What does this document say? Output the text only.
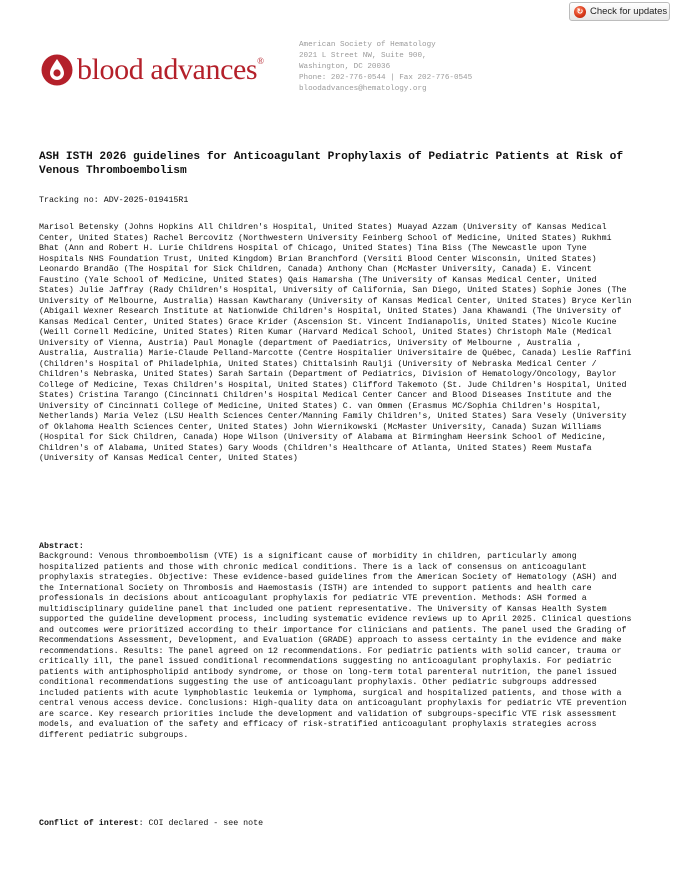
↻ Check for updates
blood advances®
American Society of Hematology
2021 L Street NW, Suite 900,
Washington, DC 20036
Phone: 202-776-0544 | Fax 202-776-0545
bloodadvances@hematology.org
ASH ISTH 2026 guidelines for Anticoagulant Prophylaxis of Pediatric Patients at Risk of Venous Thromboembolism
Tracking no: ADV-2025-019415R1

Marisol Betensky (Johns Hopkins All Children's Hospital, United States) Muayad Azzam (University of Kansas Medical Center, United States) Rachel Bercovitz (Northwestern University Feinberg School of Medicine, United States) Rukhmi Bhat (Ann and Robert H. Lurie Childrens Hospital of Chicago, United States) Tina Biss (The Newcastle upon Tyne Hospitals NHS Foundation Trust, United Kingdom) Brian Branchford (Versiti Blood Center Wisconsin, United States) Leonardo Brandão (The Hospital for Sick Children, Canada) Anthony Chan (McMaster University, Canada) E. Vincent Faustino (Yale School of Medicine, United States) Qais Hamarsha (The University of Kansas Medical Center, United States) Julie Jaffray (Rady Children's Hospital, University of California, San Diego, United States) Sophie Jones (The University of Melbourne, Australia) Hassan Kawtharany (University of Kansas Medical Center, United States) Bryce Kerlin (Abigail Wexner Research Institute at Nationwide Children's Hospital, United States) Jana Khawandi (The University of Kansas Medical Center, United States) Grace Krider (Ascension St. Vincent Indianapolis, United States) Nicole Kucine (Weill Cornell Medicine, United States) Riten Kumar (Harvard Medical School, United States) Christoph Male (Medical University of Vienna, Austria) Paul Monagle (department of Paediatrics, University of Melbourne , Australia , Australia, Australia) Marie-Claude Pelland-Marcotte (Centre Hospitalier Universitaire de Québec, Canada) Leslie Raffini (Children's Hospital of Philadelphia, United States) Chittalsinh Raulji (University of Nebraska Medical Center / Children's Nebraska, United States) Sarah Sartain (Department of Pediatrics, Division of Hematology/Oncology, Baylor College of Medicine, Texas Children's Hospital, United States) Clifford Takemoto (St. Jude Children's Hospital, United States) Cristina Tarango (Cincinnati Children's Hospital Medical Center Cancer and Blood Diseases Institute and the University of Cincinnati College of Medicine, United States) C. van Ommen (Erasmus MC/Sophia Children's Hospital, Netherlands) Maria Velez (LSU Health Sciences Center/Manning Family Children's, United States) Sara Vesely (University of Oklahoma Health Sciences Center, United States) John Wiernikowski (McMaster University, Canada) Suzan Williams (Hospital for Sick Children, Canada) Hope Wilson (University of Alabama at Birmingham Heersink School of Medicine, Children's of Alabama, United States) Gary Woods (Children's Healthcare of Atlanta, United States) Reem Mustafa (University of Kansas Medical Center, United States)

Abstract:

Background: Venous thromboembolism (VTE) is a significant cause of morbidity in children, particularly among hospitalized patients and those with chronic medical conditions. There is a lack of consensus on anticoagulant prophylaxis strategies. Objective: These evidence-based guidelines from the American Society of Hematology (ASH) and the International Society on Thrombosis and Haemostasis (ISTH) are intended to support patients and health care professionals in decisions about anticoagulant prophylaxis for pediatric VTE prevention. Methods: ASH formed a multidisciplinary guideline panel that included one patient representative. The University of Kansas Health System supported the guideline development process, including systematic evidence reviews up to April 2025. Clinical questions and outcomes were prioritized according to their importance for clinicians and patients. The panel used the Grading of Recommendations Assessment, Development, and Evaluation (GRADE) approach to assess certainty in the evidence and make recommendations. Results: The panel agreed on 12 recommendations. For pediatric patients with solid cancer, trauma or critically ill, the panel issued conditional recommendations suggesting no anticoagulant prophylaxis. For pediatric patients with antiphospholipid antibody syndrome, or those on long-term total parenteral nutrition, the panel issued conditional recommendations suggesting the use of anticoagulant prophylaxis. Other pediatric subgroups addressed included patients with acute lymphoblastic leukemia or lymphoma, surgical and hospitalized patients, and those with a central venous access device. Conclusions: High-quality data on anticoagulant prophylaxis for pediatric VTE prevention are scarce. Key research priorities include the development and validation of subgroups-specific VTE risk assessment models, and evaluation of the safety and efficacy of risk-stratified anticoagulant prophylaxis strategies across different pediatric subgroups.

Conflict of interest: COI declared - see note
